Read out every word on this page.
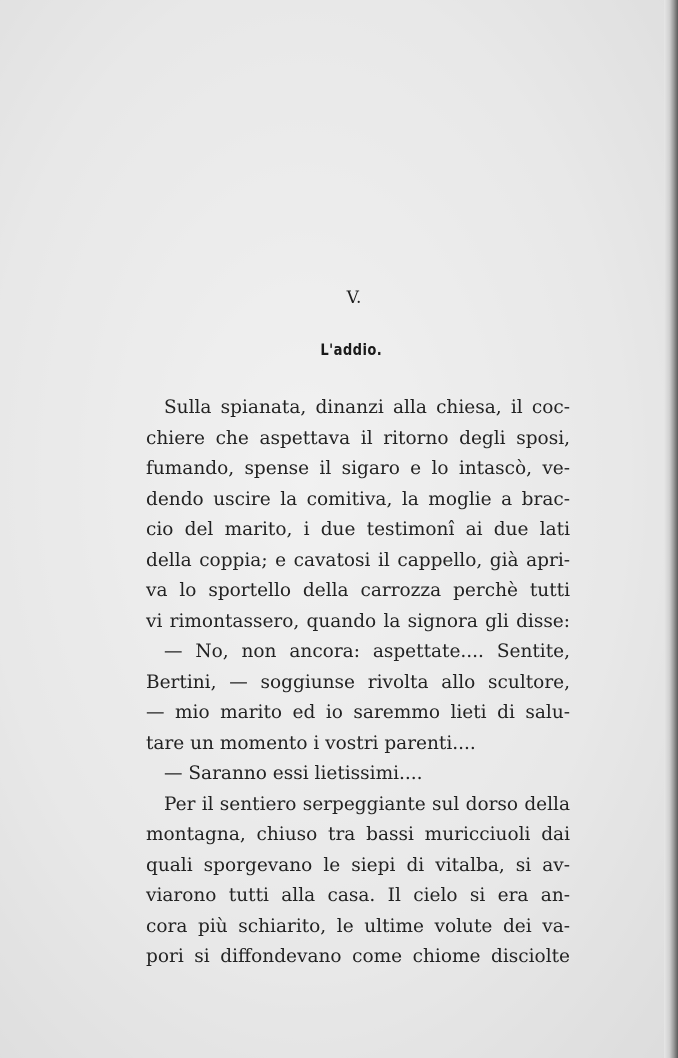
V.

L'addio.

Sulla spianata, dinanzi alla chiesa, il coc-
chiere che aspettava il ritorno degli sposi,
fumando, spense il sigaro e lo intascò, ve-
dendo uscire la comitiva, la moglie a brac-
cio del marito, i due testimonî ai due lati
della coppia; e cavatosi il cappello, già apri-
va lo sportello della carrozza perchè tutti
vi rimontassero, quando la signora gli disse:
— No, non ancora: aspettate.... Sentite,
Bertini, — soggiunse rivolta allo scultore,
— mio marito ed io saremmo lieti di salu-
tare un momento i vostri parenti....
— Saranno essi lietissimi....
Per il sentiero serpeggiante sul dorso della
montagna, chiuso tra bassi muricciuoli dai
quali sporgevano le siepi di vitalba, si av-
viarono tutti alla casa. Il cielo si era an-
cora più schiarito, le ultime volute dei va-
pori si diffondevano come chiome disciolte
